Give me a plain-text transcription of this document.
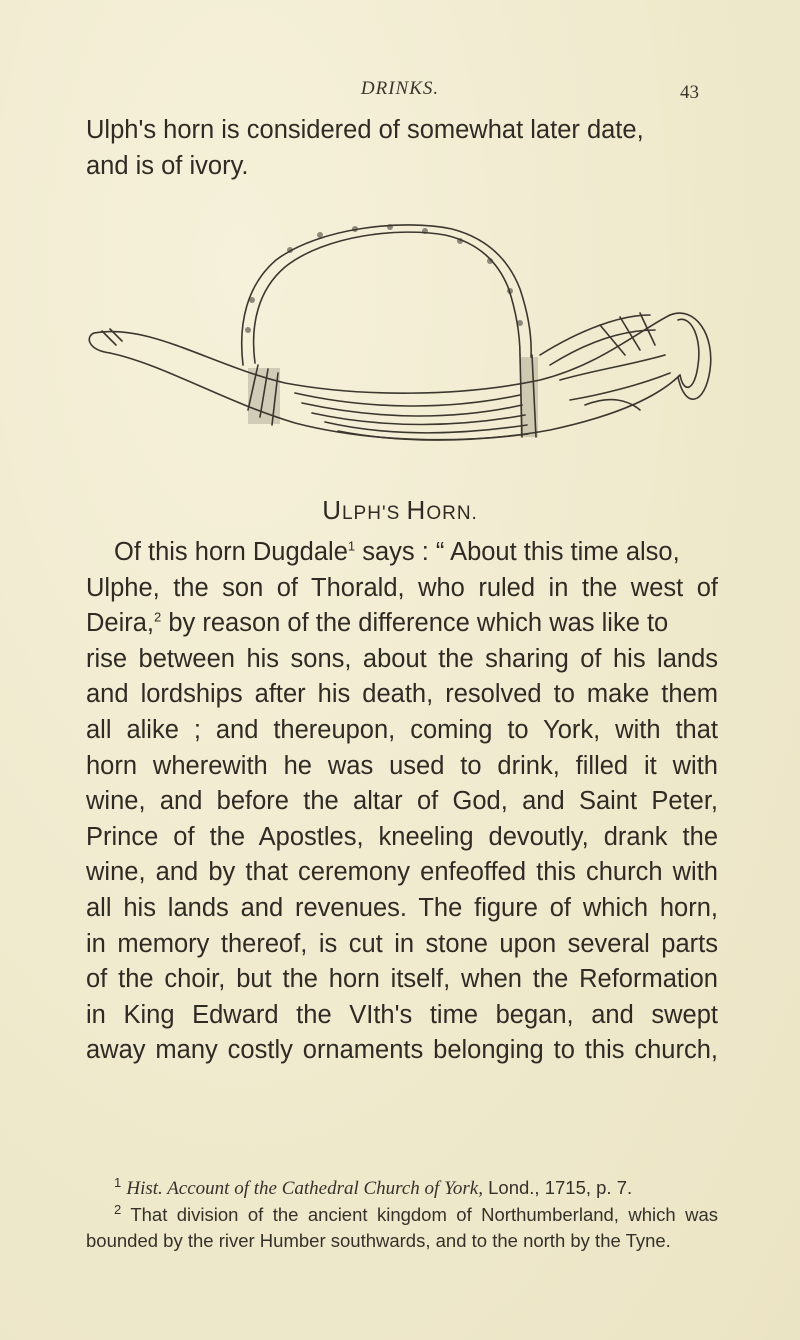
DRINKS.	43
Ulph's horn is considered of somewhat later date,
and is of ivory.
ULPH'S HORN.
Of this horn Dugdale$^1$ says : “ About this time also,
Ulphe, the son of Thorald, who ruled in the west of
Deira,$^2$ by reason of the difference which was like to
rise between his sons, about the sharing of his lands
and lordships after his death, resolved to make them
all alike ; and thereupon, coming to York, with that
horn wherewith he was used to drink, filled it with
wine, and before the altar of God, and Saint Peter,
Prince of the Apostles, kneeling devoutly, drank the
wine, and by that ceremony enfeoffed this church with
all his lands and revenues. The figure of which horn,
in memory thereof, is cut in stone upon several parts
of the choir, but the horn itself, when the Reformation
in King Edward the VIth's time began, and swept
away many costly ornaments belonging to this church,
$^1$ Hist. Account of the Cathedral Church of York, Lond., 1715, p. 7.
$^2$ That division of the ancient kingdom of Northumberland, which was bounded by the river Humber southwards, and to the north by the Tyne.
